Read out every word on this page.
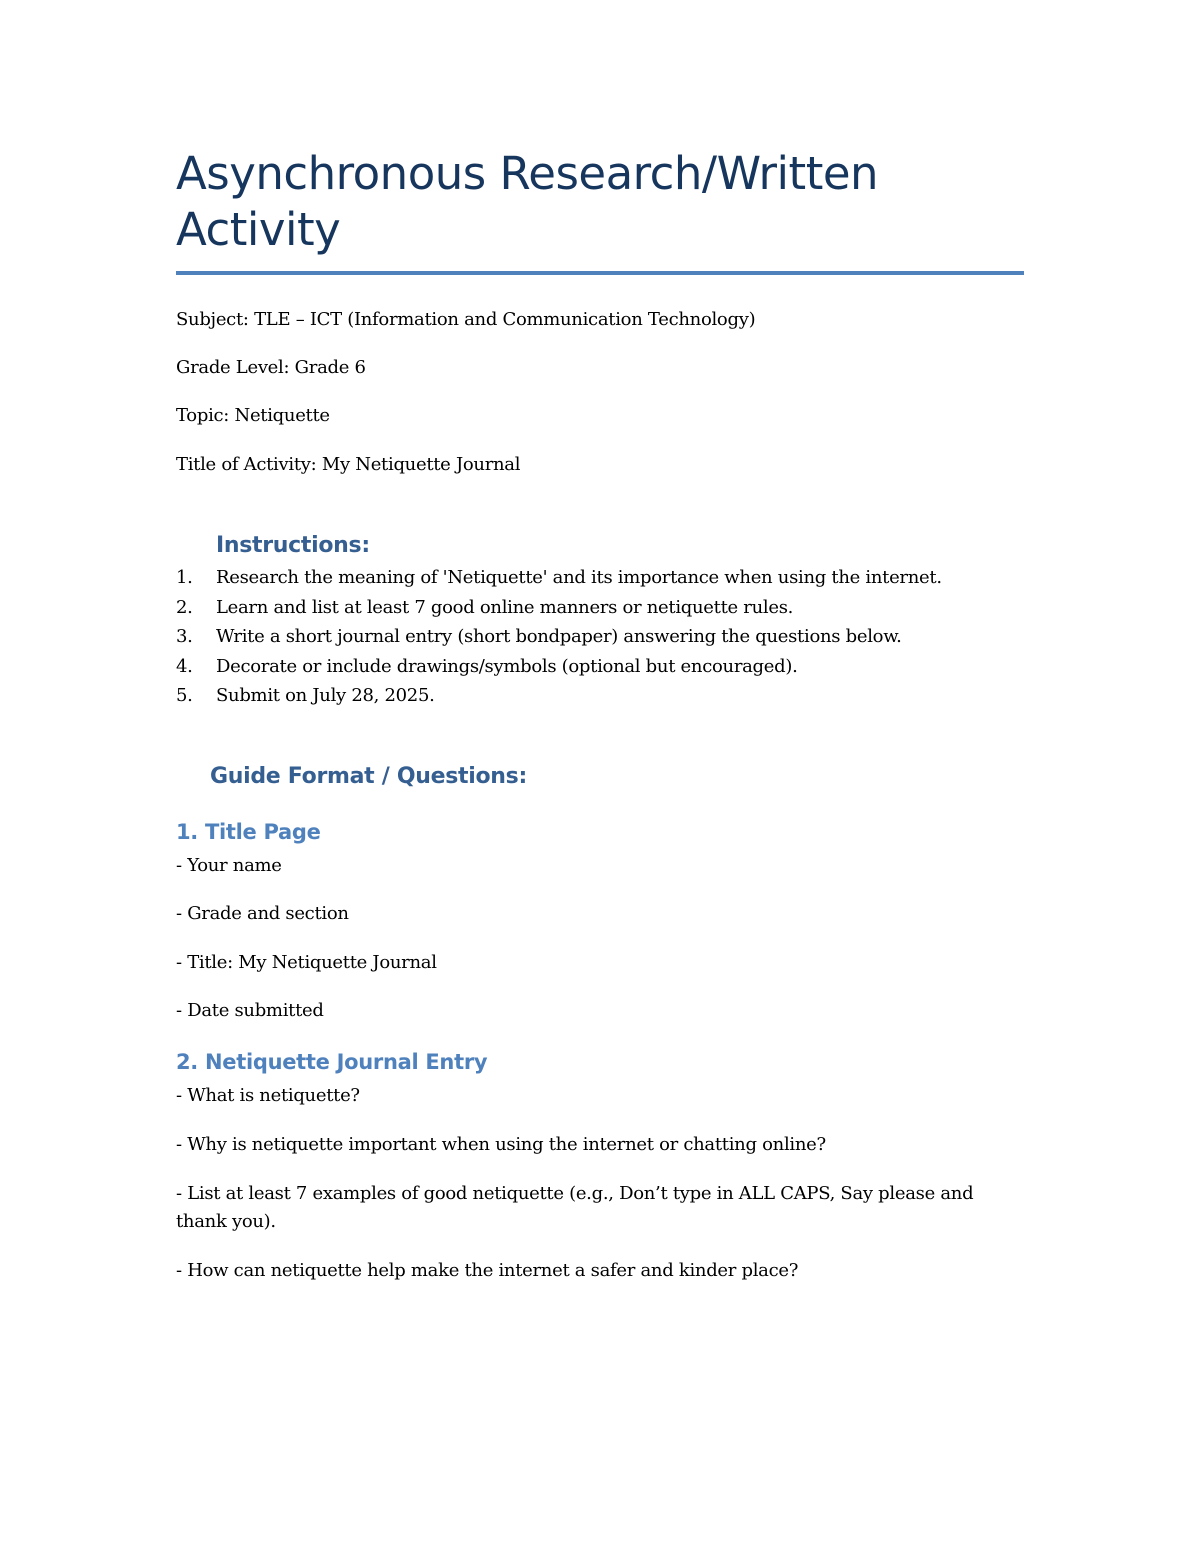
Asynchronous Research/Written Activity

Subject: TLE – ICT (Information and Communication Technology)

Grade Level: Grade 6

Topic: Netiquette

Title of Activity: My Netiquette Journal

Instructions:
1. Research the meaning of 'Netiquette' and its importance when using the internet.
2. Learn and list at least 7 good online manners or netiquette rules.
3. Write a short journal entry (short bondpaper) answering the questions below.
4. Decorate or include drawings/symbols (optional but encouraged).
5. Submit on July 28, 2025.
Guide Format / Questions:
1. Title Page

- Your name

- Grade and section

- Title: My Netiquette Journal

- Date submitted

2. Netiquette Journal Entry

- What is netiquette?

- Why is netiquette important when using the internet or chatting online?

- List at least 7 examples of good netiquette (e.g., Don’t type in ALL CAPS, Say please and thank you).

- How can netiquette help make the internet a safer and kinder place?
